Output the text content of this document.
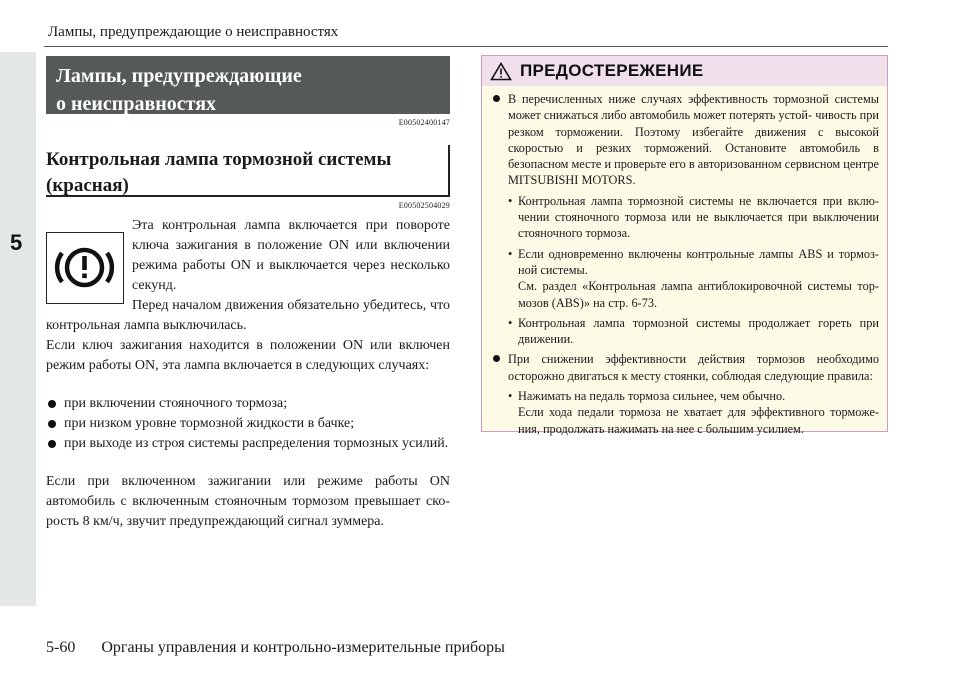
Лампы, предупреждающие о неисправностях
5
Лампы, предупреждающие
о неисправностях
E00502400147
Контрольная лампа тормозной системы
(красная)
E00502504029
Эта контрольная лампа включается при повороте ключа зажигания в положение ON или включении режима работы ON и выключается через несколько секунд.

Перед началом движения обязательно убедитесь, что контрольная лампа выключилась.

Если ключ зажигания находится в положении ON или включен режим работы ON, эта лампа включается в следующих случаях:

при включении стояночного тормоза;
при низком уровне тормозной жидкости в бачке;
при выходе из строя системы распределения тормозных усилий.

Если при включенном зажигании или режиме работы ON автомобиль с включенным стояночным тормозом превышает ско- рость 8 км/ч, звучит предупреждающий сигнал зуммера.

ПРЕДОСТЕРЕЖЕНИЕ

В перечисленных ниже случаях эффективность тормозной системы может снижаться либо автомобиль может потерять устой- чивость при резком торможении. Поэтому избегайте движения с высокой скоростью и резких торможений. Остановите автомобиль в безопасном месте и проверьте его в авторизованном сервисном центре MITSUBISHI MOTORS.

• Контрольная лампа тормозной системы не включается при вклю- чении стояночного тормоза или не выключается при выключении стояночного тормоза.

• Если одновременно включены контрольные лампы ABS и тормоз- ной системы.

См. раздел «Контрольная лампа антиблокировочной системы тор- мозов (ABS)» на стр. 6-73.

• Контрольная лампа тормозной системы продолжает гореть при движении.

При снижении эффективности действия тормозов необходимо осторожно двигаться к месту стоянки, соблюдая следующие правила:

• Нажимать на педаль тормоза сильнее, чем обычно.

Если хода педали тормоза не хватает для эффективного торможе- ния, продолжать нажимать на нее с большим усилием.

5-60 Органы управления и контрольно-измерительные приборы
